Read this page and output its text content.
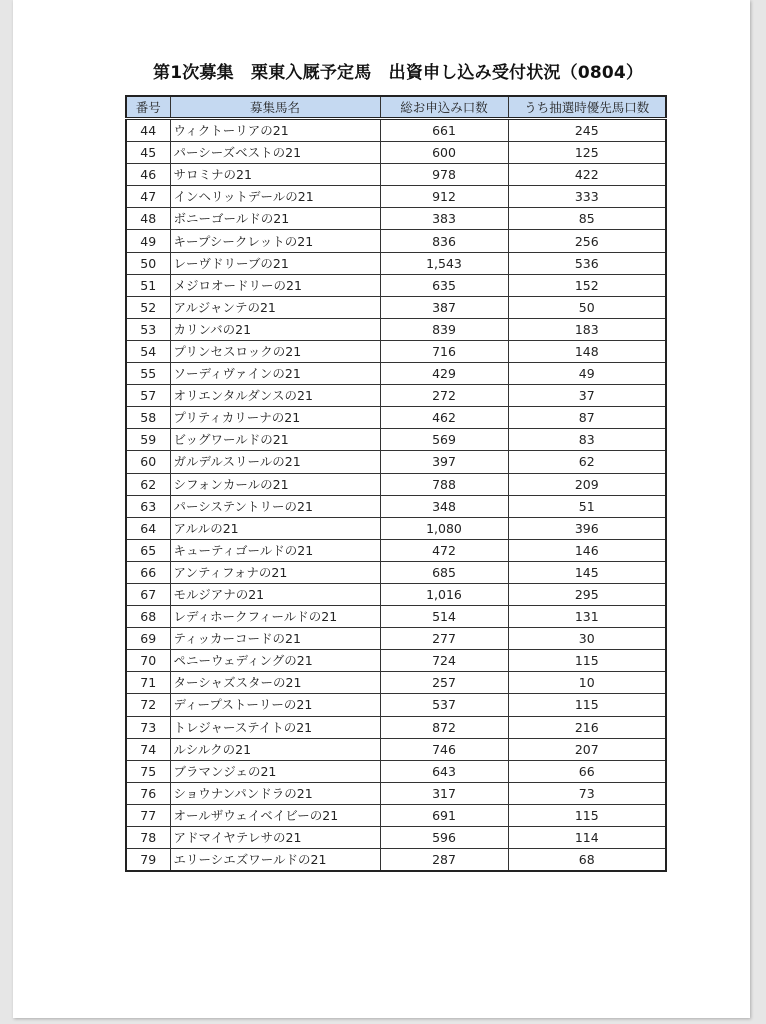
第1次募集　栗東入厩予定馬　出資申し込み受付状況（0804）
番号	募集馬名	総お申込み口数	うち抽選時優先馬口数
44	ウィクトーリアの21	661	245
45	パーシーズベストの21	600	125
46	サロミナの21	978	422
47	インヘリットデールの21	912	333
48	ボニーゴールドの21	383	85
49	キープシークレットの21	836	256
50	レーヴドリーブの21	1,543	536
51	メジロオードリーの21	635	152
52	アルジャンテの21	387	50
53	カリンバの21	839	183
54	プリンセスロックの21	716	148
55	ソーディヴァインの21	429	49
57	オリエンタルダンスの21	272	37
58	プリティカリーナの21	462	87
59	ビッグワールドの21	569	83
60	ガルデルスリールの21	397	62
62	シフォンカールの21	788	209
63	パーシステントリーの21	348	51
64	アルルの21	1,080	396
65	キューティゴールドの21	472	146
66	アンティフォナの21	685	145
67	モルジアナの21	1,016	295
68	レディホークフィールドの21	514	131
69	ティッカーコードの21	277	30
70	ペニーウェディングの21	724	115
71	ターシャズスターの21	257	10
72	ディープストーリーの21	537	115
73	トレジャーステイトの21	872	216
74	ルシルクの21	746	207
75	ブラマンジェの21	643	66
76	ショウナンパンドラの21	317	73
77	オールザウェイベイビーの21	691	115
78	アドマイヤテレサの21	596	114
79	エリーシエズワールドの21	287	68
